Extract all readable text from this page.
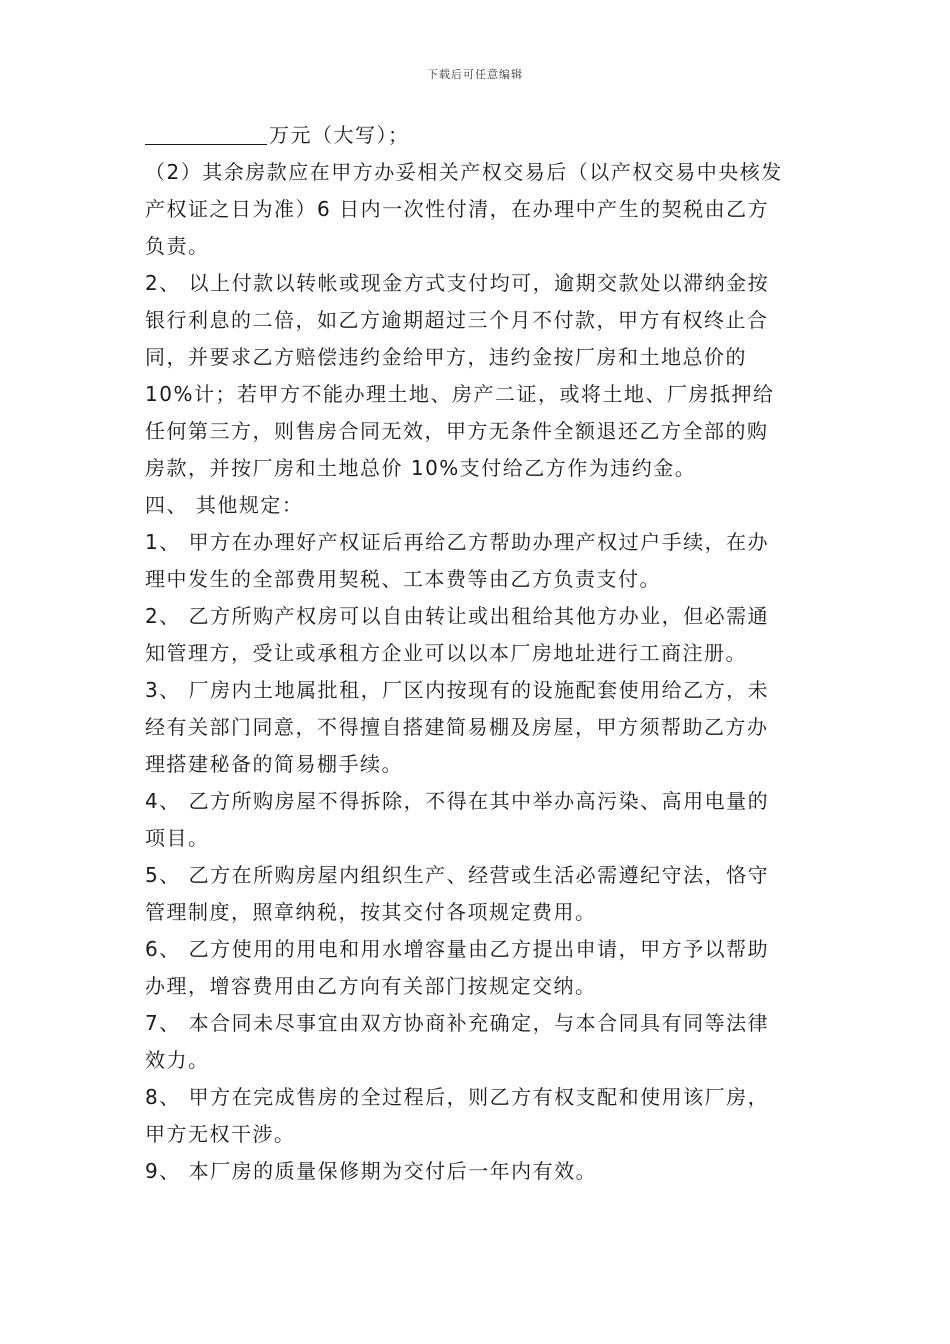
下载后可任意编辑
万元（大写）；
（2）其余房款应在甲方办妥相关产权交易后（以产权交易中央核发
产权证之日为准）6 日内一次性付清，在办理中产生的契税由乙方
负责。
2、 以上付款以转帐或现金方式支付均可，逾期交款处以滞纳金按
银行利息的二倍，如乙方逾期超过三个月不付款，甲方有权终止合
同，并要求乙方赔偿违约金给甲方，违约金按厂房和土地总价的
10%计；若甲方不能办理土地、房产二证，或将土地、厂房抵押给
任何第三方，则售房合同无效，甲方无条件全额退还乙方全部的购
房款，并按厂房和土地总价 10%支付给乙方作为违约金。
四、 其他规定：
1、 甲方在办理好产权证后再给乙方帮助办理产权过户手续，在办
理中发生的全部费用契税、工本费等由乙方负责支付。
2、 乙方所购产权房可以自由转让或出租给其他方办业，但必需通
知管理方，受让或承租方企业可以以本厂房地址进行工商注册。
3、 厂房内土地属批租，厂区内按现有的设施配套使用给乙方，未
经有关部门同意，不得擅自搭建简易棚及房屋，甲方须帮助乙方办
理搭建秘备的简易棚手续。
4、 乙方所购房屋不得拆除，不得在其中举办高污染、高用电量的
项目。
5、 乙方在所购房屋内组织生产、经营或生活必需遵纪守法，恪守
管理制度，照章纳税，按其交付各项规定费用。
6、 乙方使用的用电和用水增容量由乙方提出申请，甲方予以帮助
办理，增容费用由乙方向有关部门按规定交纳。
7、 本合同未尽事宜由双方协商补充确定，与本合同具有同等法律
效力。
8、 甲方在完成售房的全过程后，则乙方有权支配和使用该厂房，
甲方无权干涉。
9、 本厂房的质量保修期为交付后一年内有效。
